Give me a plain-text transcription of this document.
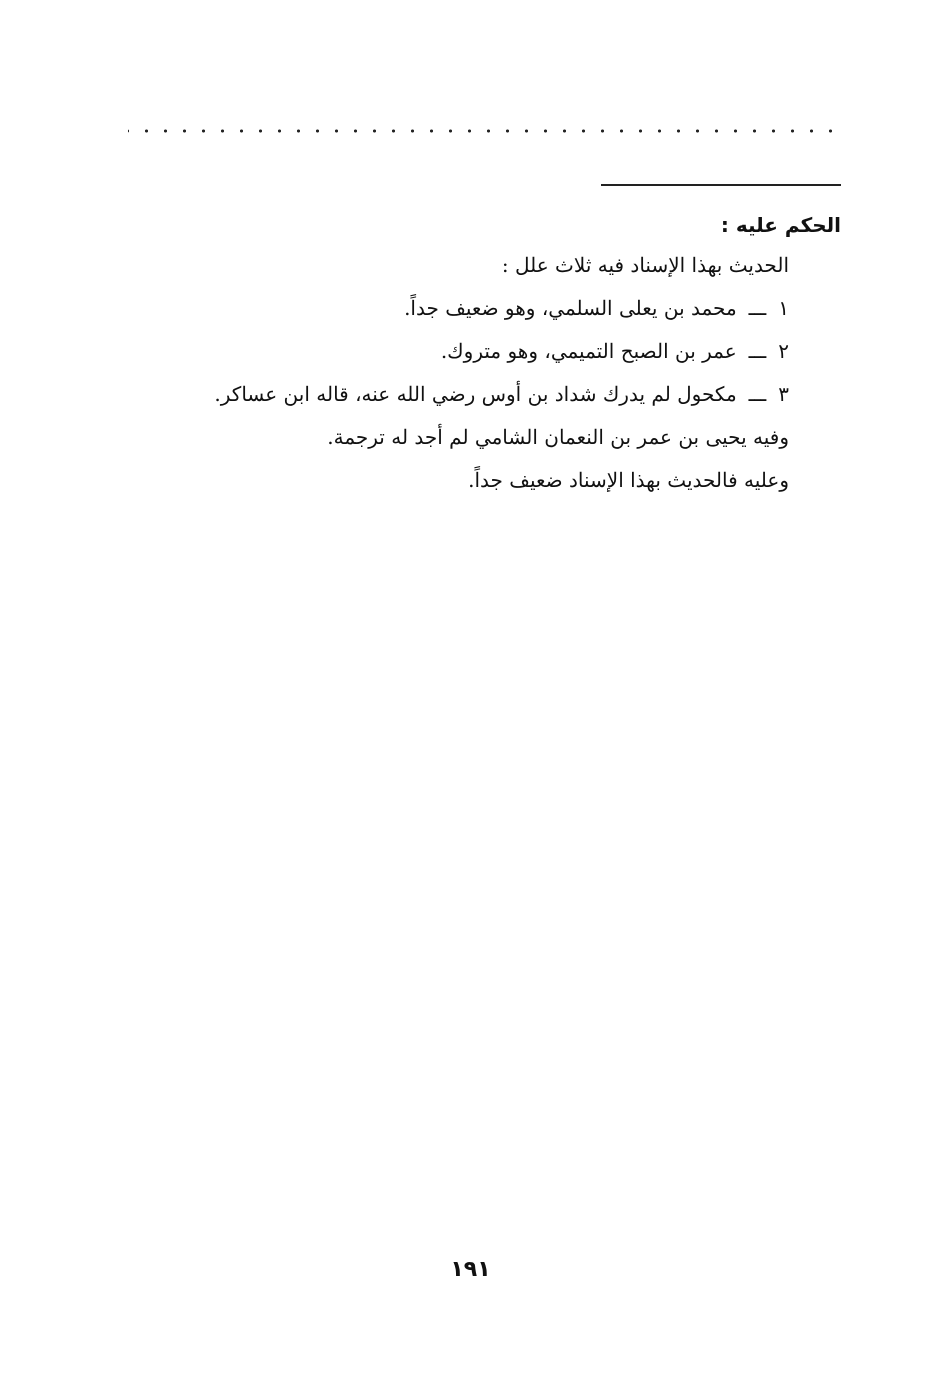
الحكم عليه :
الحديث بهذا الإسناد فيه ثلاث علل :
١ـــمحمد بن يعلى السلمي، وهو ضعيف جداً.
٢ـــعمر بن الصبح التميمي، وهو متروك.
٣ـــمكحول لم يدرك شداد بن أوس رضي الله عنه، قاله ابن عساكر.
وفيه يحيى بن عمر بن النعمان الشامي لم أجد له ترجمة.
وعليه فالحديث بهذا الإسناد ضعيف جداً.
١٩١
